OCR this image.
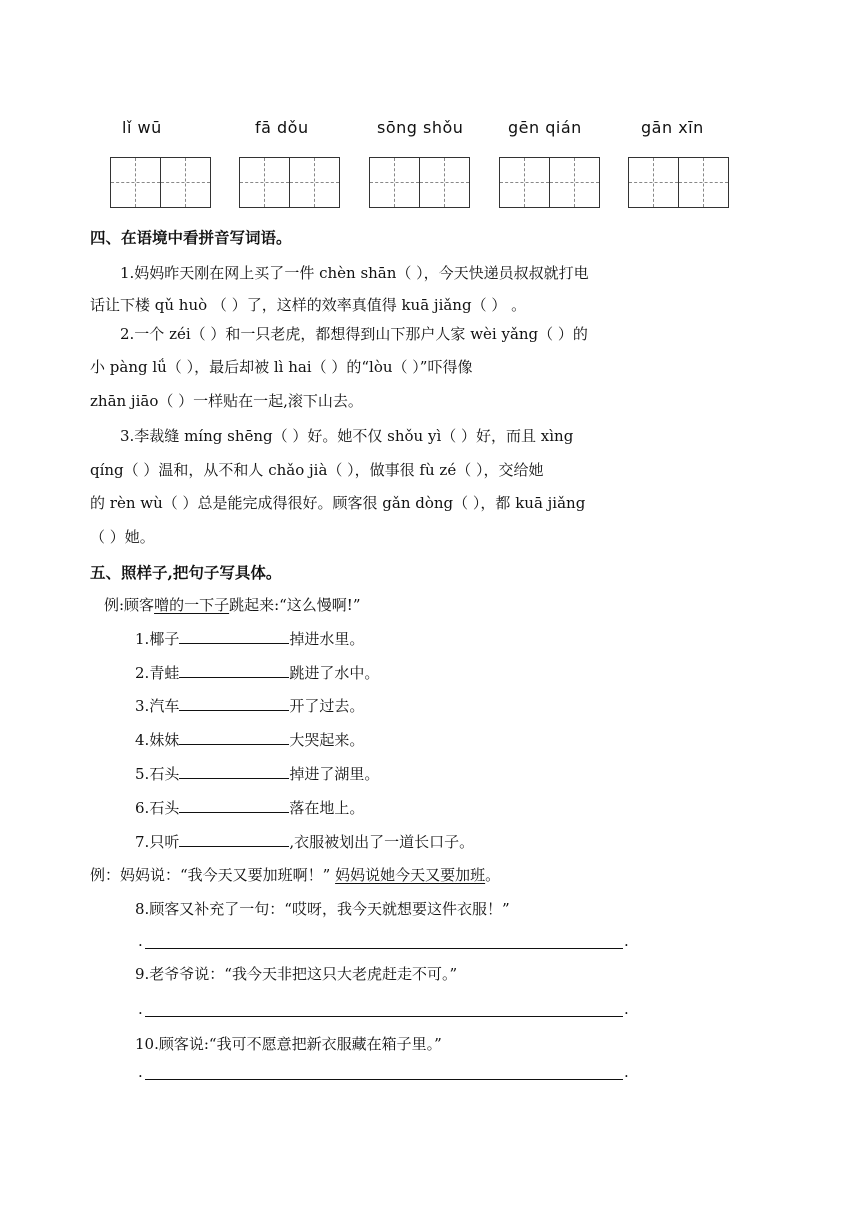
lǐ wū	fā dǒu	sōng shǒu	gēn qián	gān xīn
四、在语境中看拼音写词语。
1.妈妈昨天刚在网上买了一件 chèn shān（ ），今天快递员叔叔就打电
话让下楼 qǔ huò （ ）了，这样的效率真值得 kuā jiǎng（ ） 。
2.一个 zéi（ ）和一只老虎，都想得到山下那户人家 wèi yǎng（ ）的
小 pàng lǘ（ ），最后却被 lì hai（ ）的“lòu（ ）”吓得像
zhān jiāo（ ）一样贴在一起,滚下山去。
3.李裁缝 míng shēng（ ）好。她不仅 shǒu yì（ ）好，而且 xìng
qíng（ ）温和，从不和人 chǎo jià（ ），做事很 fù zé（ ），交给她
的 rèn wù（ ）总是能完成得很好。顾客很 gǎn dòng（ ），都 kuā jiǎng
（ ）她。
五、照样子,把句子写具体。
例:顾客噌的一下子跳起来:“这么慢啊!”
1.椰子	掉进水里。
2.青蛙	跳进了水中。
3.汽车	开了过去。
4.妹妹	大哭起来。
5.石头	掉进了湖里。
6.石头	落在地上。
7.只听	,衣服被划出了一道长口子。
例：妈妈说：“我今天又要加班啊！” 妈妈说她今天又要加班。
8.顾客又补充了一句：“哎呀，我今天就想要这件衣服！”
.	.
9.老爷爷说：“我今天非把这只大老虎赶走不可。”
.	.
10.顾客说:“我可不愿意把新衣服藏在箱子里。”
.	.
